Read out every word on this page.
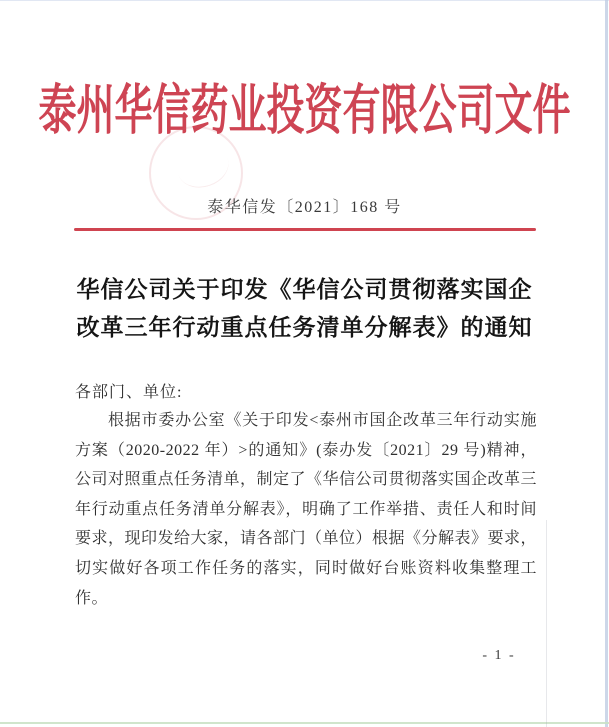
泰州华信药业投资有限公司文件
泰华信发〔2021〕168 号
华信公司关于印发《华信公司贯彻落实国企
改革三年行动重点任务清单分解表》的通知
各部门、单位:
根据市委办公室《关于印发<泰州市国企改革三年行动实施
方案（2020-2022 年）>的通知》(泰办发〔2021〕29 号)精神，
公司对照重点任务清单，制定了《华信公司贯彻落实国企改革三
年行动重点任务清单分解表》，明确了工作举措、责任人和时间
要求，现印发给大家，请各部门（单位）根据《分解表》要求，
切实做好各项工作任务的落实，同时做好台账资料收集整理工
作。
- 1 -
